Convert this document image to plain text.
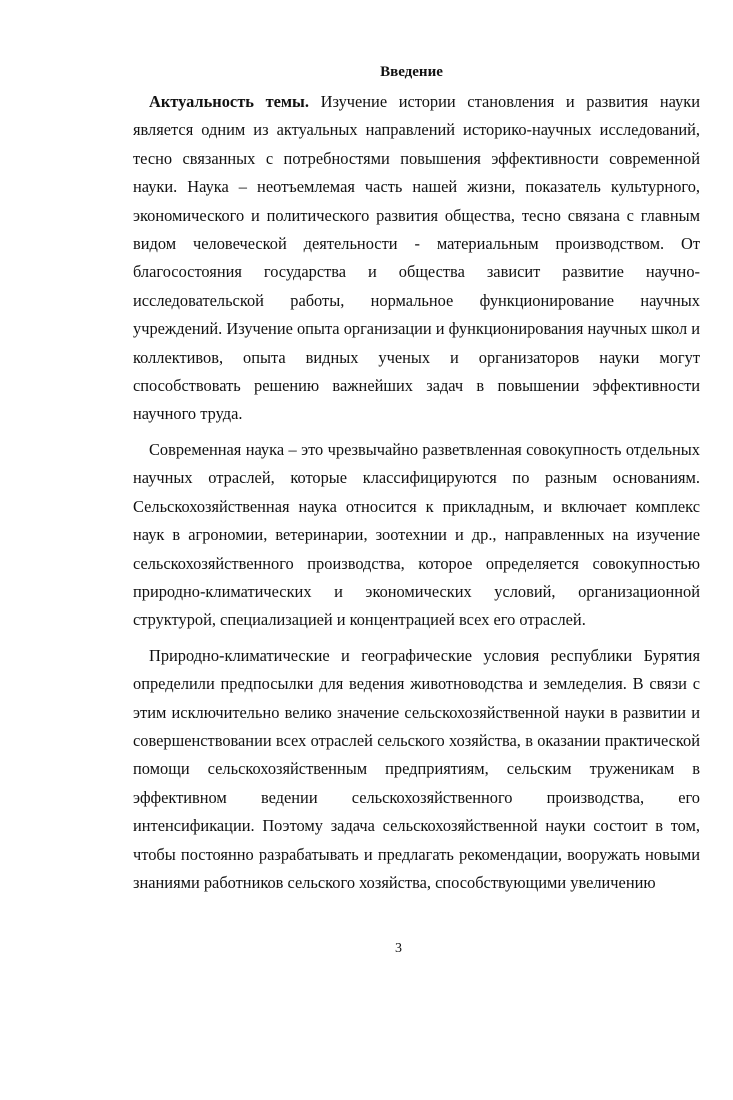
Введение

Актуальность темы. Изучение истории становления и развития науки является одним из актуальных направлений историко-научных исследований, тесно связанных с потребностями повышения эффективности современной науки. Наука – неотъемлемая часть нашей жизни, показатель культурного, экономического и политического развития общества, тесно связана с главным видом человеческой деятельности - материальным производством. От благосостояния государства и общества зависит развитие научно-исследовательской работы, нормальное функционирование научных учреждений. Изучение опыта организации и функционирования научных школ и коллективов, опыта видных ученых и организаторов науки могут способствовать решению важнейших задач в повышении эффективности научного труда.

Современная наука – это чрезвычайно разветвленная совокупность отдельных научных отраслей, которые классифицируются по разным основаниям. Сельскохозяйственная наука относится к прикладным, и включает комплекс наук в агрономии, ветеринарии, зоотехнии и др., направленных на изучение сельскохозяйственного производства, которое определяется совокупностью природно-климатических и экономических условий, организационной структурой, специализацией и концентрацией всех его отраслей.

Природно-климатические и географические условия республики Бурятия определили предпосылки для ведения животноводства и земледелия. В связи с этим исключительно велико значение сельскохозяйственной науки в развитии и совершенствовании всех отраслей сельского хозяйства, в оказании практической помощи сельскохозяйственным предприятиям, сельским труженикам в эффективном ведении сельскохозяйственного производства, его интенсификации. Поэтому задача сельскохозяйственной науки состоит в том, чтобы постоянно разрабатывать и предлагать рекомендации, вооружать новыми знаниями работников сельского хозяйства, способствующими увеличению

3
